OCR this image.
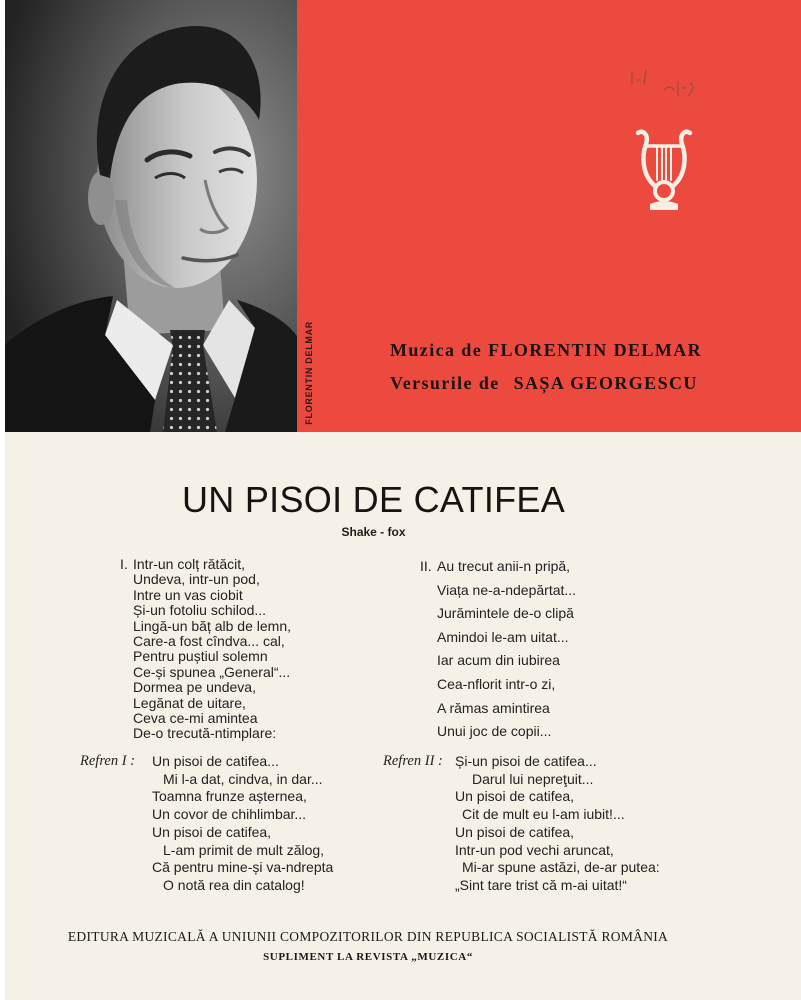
FLORENTIN DELMAR	Muzica de FLORENTIN DELMAR
Versurile de SAȘA GEORGESCU
UN PISOI DE CATIFEA
Shake - fox
I. Intr-un colț rătăcit,
Undeva, intr-un pod,
Intre un vas ciobit
Și-un fotoliu schilod...
Lingă-un băț alb de lemn,
Care-a fost cîndva... cal,
Pentru puștiul solemn
Ce-și spunea „General“...
Dormea pe undeva,
Legănat de uitare,
Ceva ce-mi amintea
De-o trecută-ntimplare:
II. Au trecut anii-n pripă,
Viața ne-a-ndepărtat...
Jurămintele de-o clipă
Amindoi le-am uitat...
Iar acum din iubirea
Cea-nflorit intr-o zi,
A rămas amintirea
Unui joc de copii...
Refren I : Un pisoi de catifea...
Mi l-a dat, cindva, in dar...
Toamna frunze așternea,
Un covor de chihlimbar...
Un pisoi de catifea,
L-am primit de mult zălog,
Că pentru mine-și va-ndrepta
O notă rea din catalog!
Refren II : Și-un pisoi de catifea...
Darul lui nepreţuit...
Un pisoi de catifea,
Cit de mult eu l-am iubit!...
Un pisoi de catifea,
Intr-un pod vechi aruncat,
Mi-ar spune astăzi, de-ar putea:
„Sint tare trist că m-ai uitat!“
EDITURA MUZICALĂ A UNIUNII COMPOZITORILOR DIN REPUBLICA SOCIALISTĂ ROMÂNIA
SUPLIMENT LA REVISTA „MUZICA“
